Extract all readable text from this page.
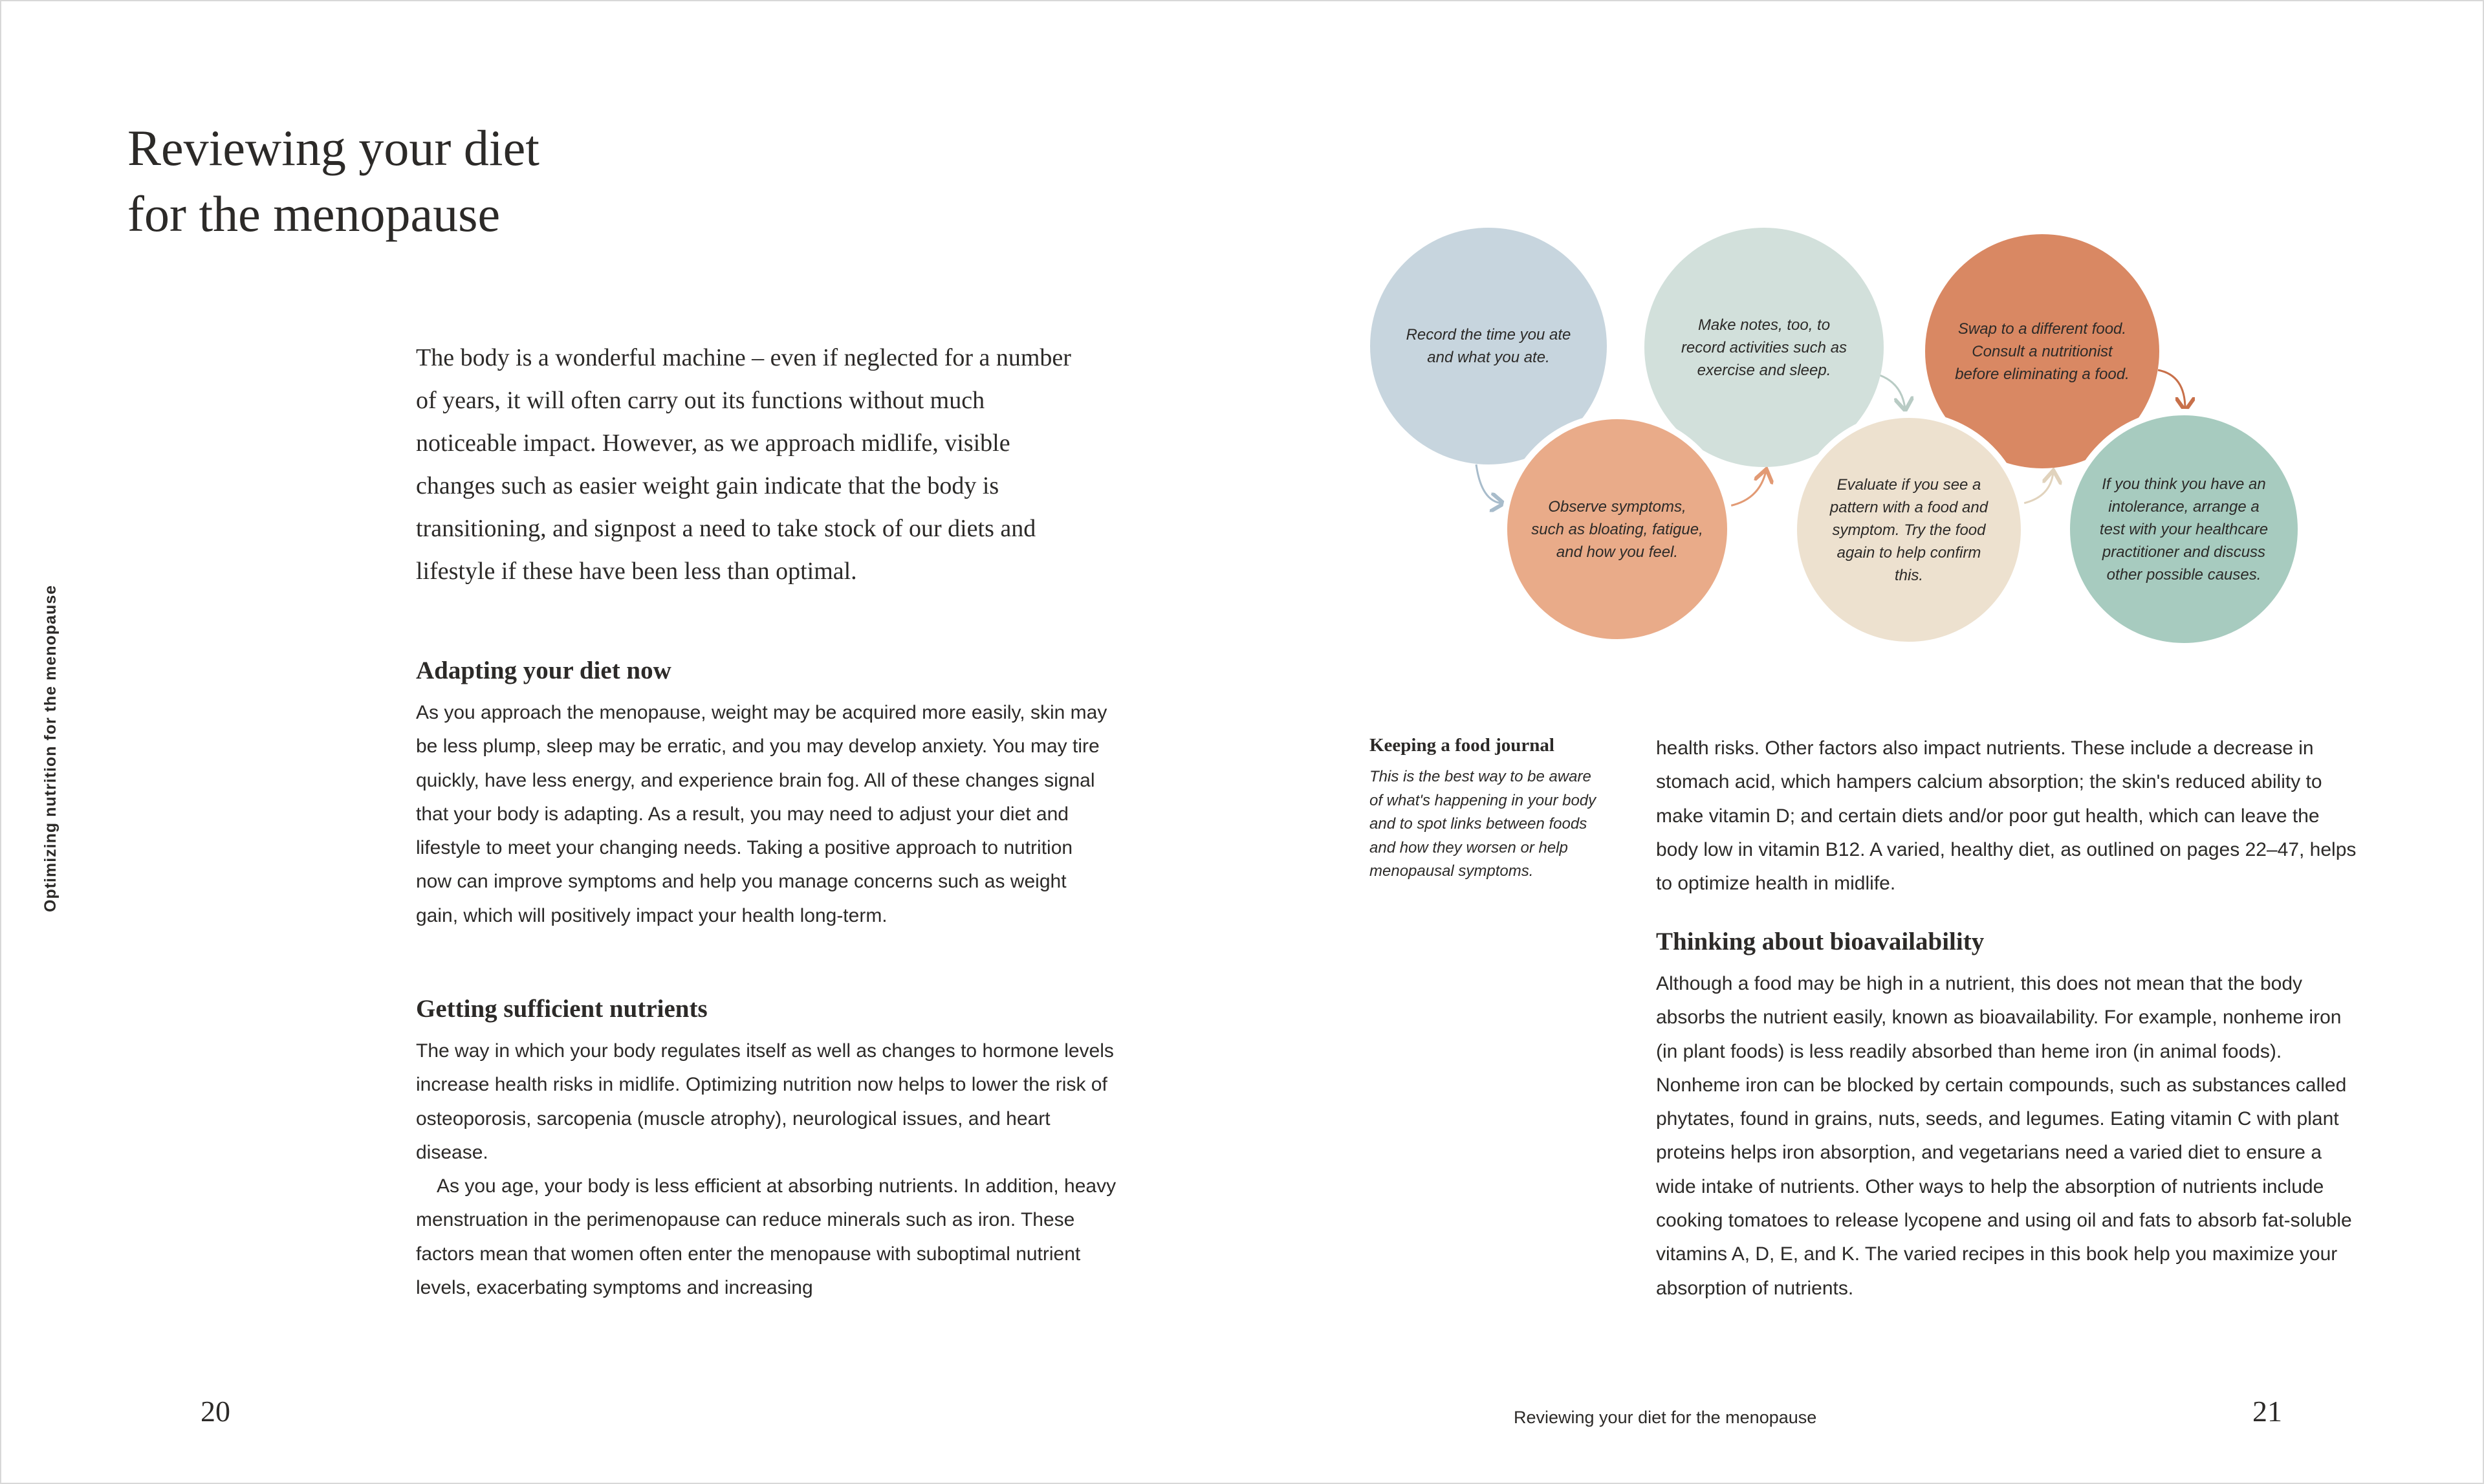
Reviewing your diet
for the menopause

The body is a wonderful machine – even if neglected for a number of years, it will often carry out its functions without much noticeable impact. However, as we approach midlife, visible changes such as easier weight gain indicate that the body is transitioning, and signpost a need to take stock of our diets and lifestyle if these have been less than optimal.

Adapting your diet now

As you approach the menopause, weight may be acquired more easily, skin may be less plump, sleep may be erratic, and you may develop anxiety. You may tire quickly, have less energy, and experience brain fog. All of these changes signal that your body is adapting. As a result, you may need to adjust your diet and lifestyle to meet your changing needs. Taking a positive approach to nutrition now can improve symptoms and help you manage concerns such as weight gain, which will positively impact your health long-term.

Getting sufficient nutrients

The way in which your body regulates itself as well as changes to hormone levels increase health risks in midlife. Optimizing nutrition now helps to lower the risk of osteoporosis, sarcopenia (muscle atrophy), neurological issues, and heart disease.

As you age, your body is less efficient at absorbing nutrients. In addition, heavy menstruation in the perimenopause can reduce minerals such as iron. These factors mean that women often enter the menopause with suboptimal nutrient levels, exacerbating symptoms and increasing

Optimizing nutrition for the menopause
Record the time you ate and what you ate.
Make notes, too, to record activities such as exercise and sleep.
Swap to a different food. Consult a nutritionist before eliminating a food.
Observe symptoms, such as bloating, fatigue, and how you feel.
Evaluate if you see a pattern with a food and symptom. Try the food again to help confirm this.
If you think you have an intolerance, arrange a test with your healthcare practitioner and discuss other possible causes.
Keeping a food journal

This is the best way to be aware of what's happening in your body and to spot links between foods and how they worsen or help menopausal symptoms.

health risks. Other factors also impact nutrients. These include a decrease in stomach acid, which hampers calcium absorption; the skin's reduced ability to make vitamin D; and certain diets and/or poor gut health, which can leave the body low in vitamin B12. A varied, healthy diet, as outlined on pages 22–47, helps to optimize health in midlife.

Thinking about bioavailability

Although a food may be high in a nutrient, this does not mean that the body absorbs the nutrient easily, known as bioavailability. For example, nonheme iron (in plant foods) is less readily absorbed than heme iron (in animal foods). Nonheme iron can be blocked by certain compounds, such as substances called phytates, found in grains, nuts, seeds, and legumes. Eating vitamin C with plant proteins helps iron absorption, and vegetarians need a varied diet to ensure a wide intake of nutrients. Other ways to help the absorption of nutrients include cooking tomatoes to release lycopene and using oil and fats to absorb fat-soluble vitamins A, D, E, and K. The varied recipes in this book help you maximize your absorption of nutrients.

20	Reviewing your diet for the menopause	21
